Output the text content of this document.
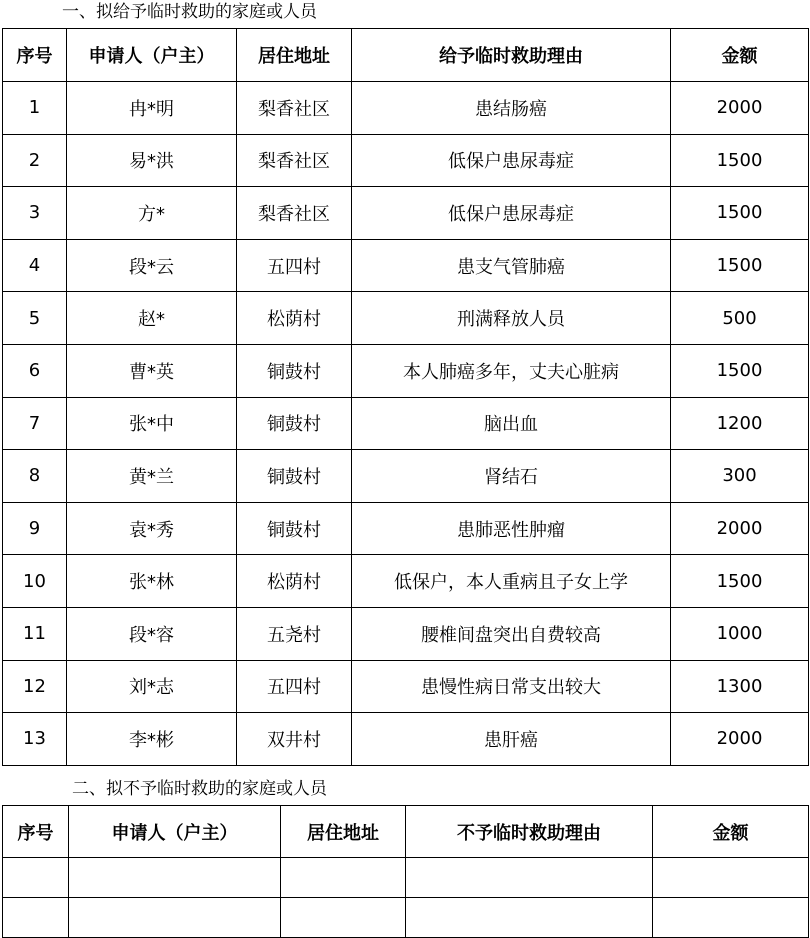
一、拟给予临时救助的家庭或人员
序号	申请人（户主）	居住地址	给予临时救助理由	金额
1	冉*明	梨香社区	患结肠癌	2000
2	易*洪	梨香社区	低保户患尿毒症	1500
3	方*	梨香社区	低保户患尿毒症	1500
4	段*云	五四村	患支气管肺癌	1500
5	赵*	松荫村	刑满释放人员	500
6	曹*英	铜鼓村	本人肺癌多年，丈夫心脏病	1500
7	张*中	铜鼓村	脑出血	1200
8	黄*兰	铜鼓村	肾结石	300
9	袁*秀	铜鼓村	患肺恶性肿瘤	2000
10	张*林	松荫村	低保户，本人重病且子女上学	1500
11	段*容	五尧村	腰椎间盘突出自费较高	1000
12	刘*志	五四村	患慢性病日常支出较大	1300
13	李*彬	双井村	患肝癌	2000
二、拟不予临时救助的家庭或人员
序号	申请人（户主）	居住地址	不予临时救助理由	金额
